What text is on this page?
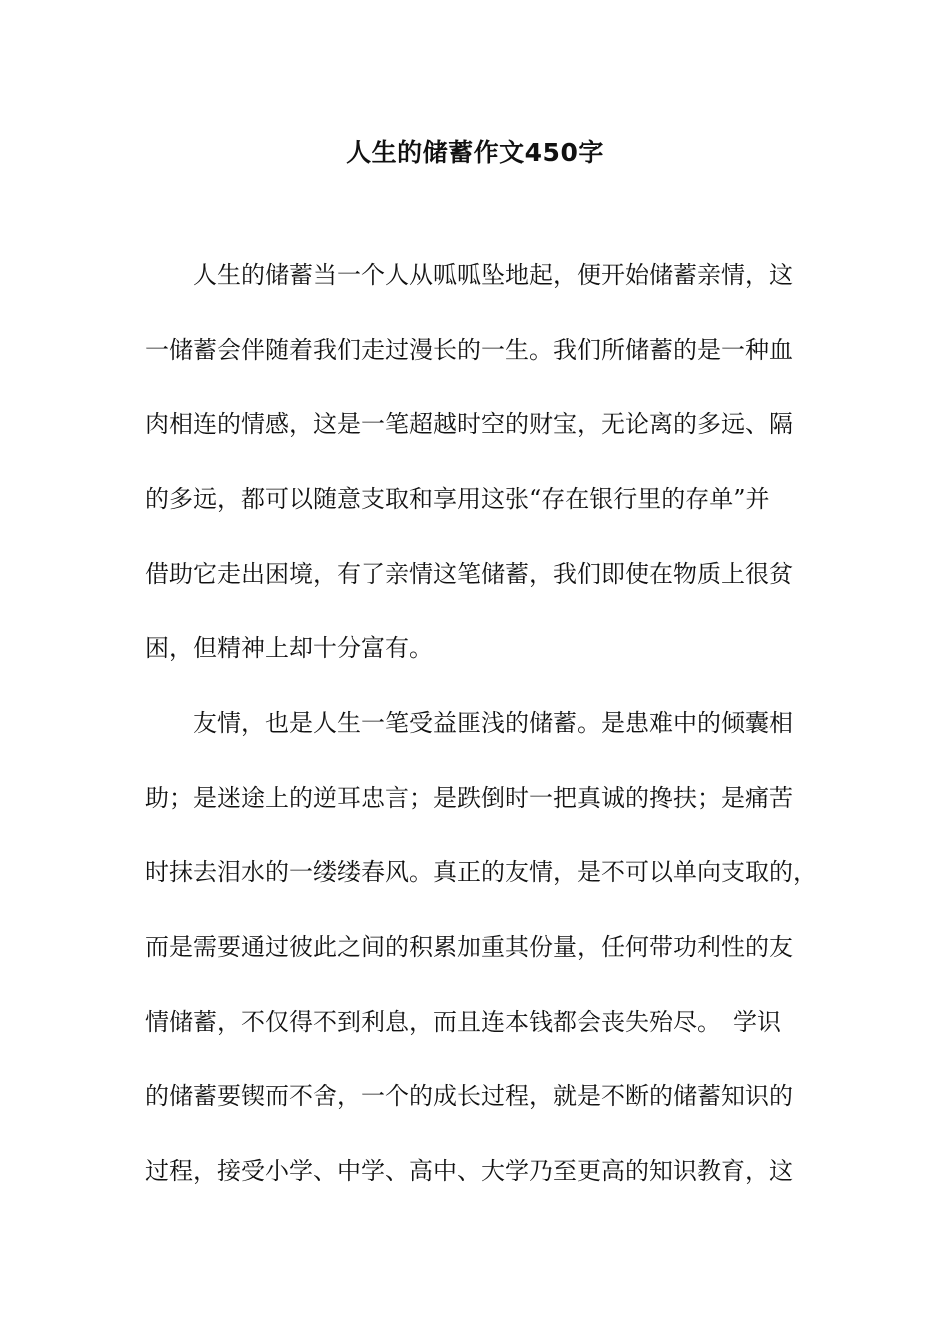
人生的储蓄作文450字

人生的储蓄当一个人从呱呱坠地起，便开始储蓄亲情，这

一储蓄会伴随着我们走过漫长的一生。我们所储蓄的是一种血

肉相连的情感，这是一笔超越时空的财宝，无论离的多远、隔

的多远，都可以随意支取和享用这张“存在银行里的存单”并

借助它走出困境，有了亲情这笔储蓄，我们即使在物质上很贫

困，但精神上却十分富有。

友情，也是人生一笔受益匪浅的储蓄。是患难中的倾囊相

助；是迷途上的逆耳忠言；是跌倒时一把真诚的搀扶；是痛苦

时抹去泪水的一缕缕春风。真正的友情，是不可以单向支取的，

而是需要通过彼此之间的积累加重其份量，任何带功利性的友

情储蓄，不仅得不到利息，而且连本钱都会丧失殆尽。　学识

的储蓄要锲而不舍，一个的成长过程，就是不断的储蓄知识的

过程，接受小学、中学、高中、大学乃至更高的知识教育，这
